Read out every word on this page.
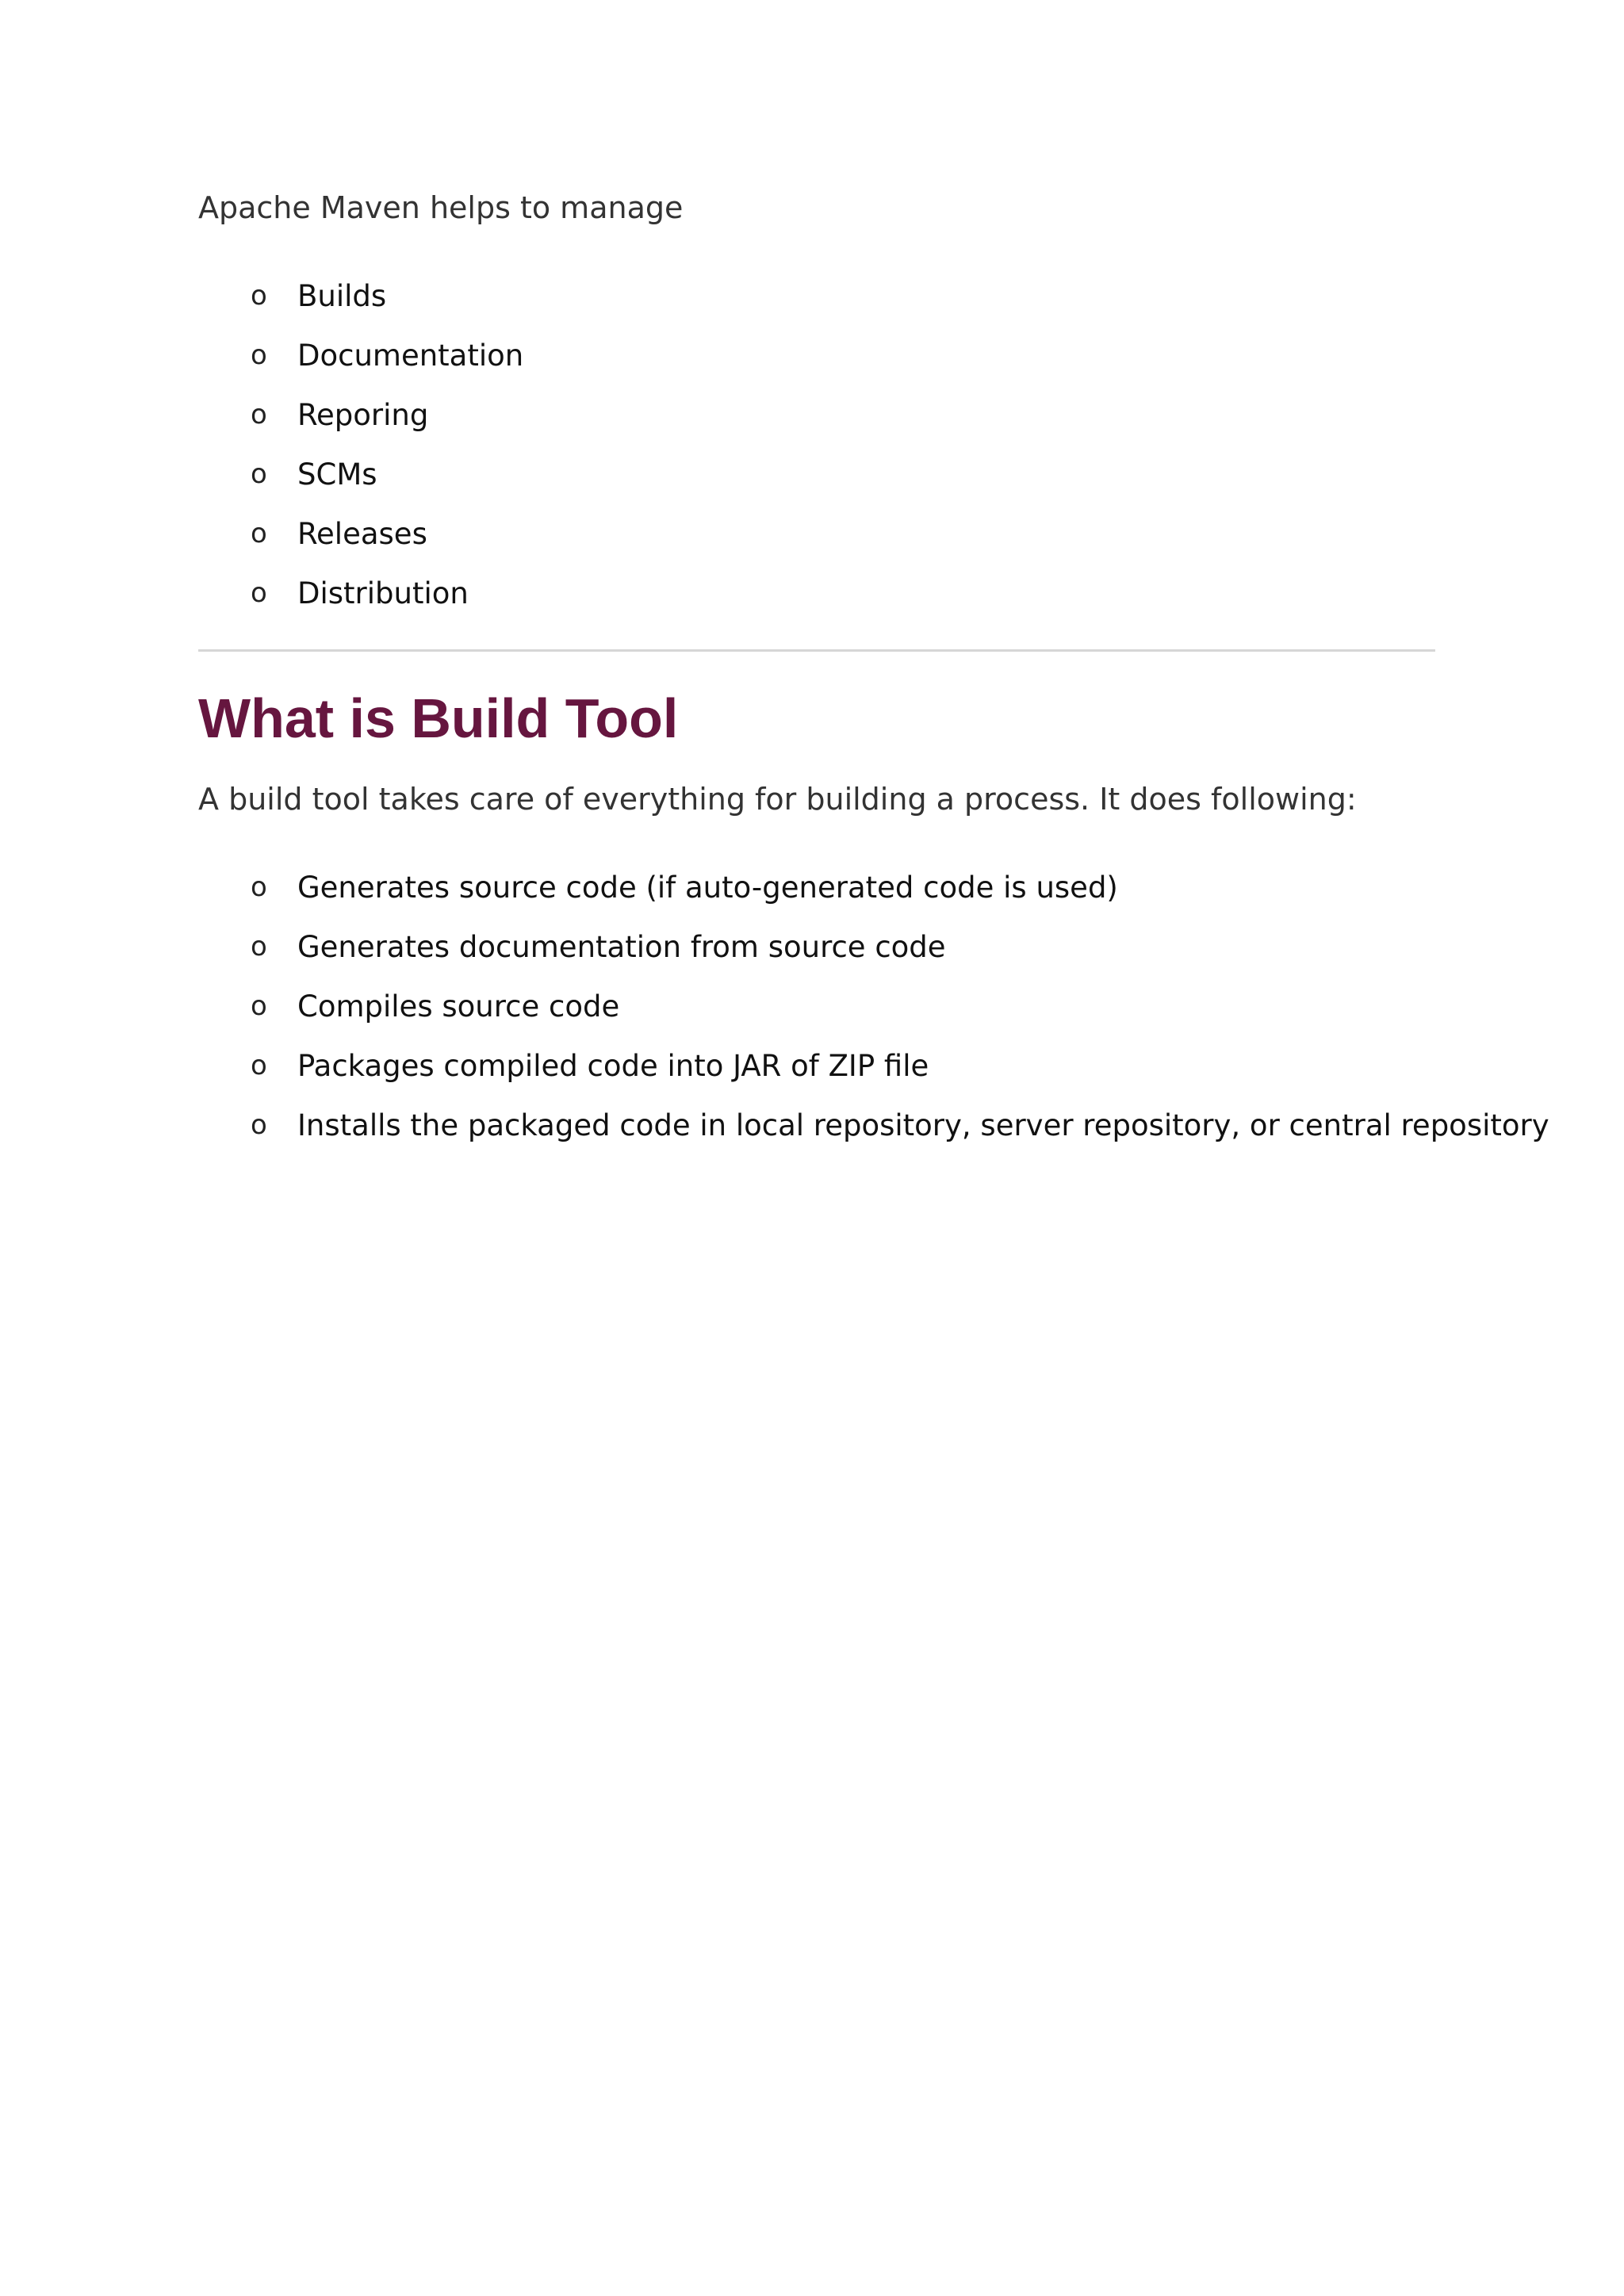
Apache Maven helps to manage

o Builds
o Documentation
o Reporing
o SCMs
o Releases
o Distribution
What is Build Tool

A build tool takes care of everything for building a process. It does following:

o Generates source code (if auto-generated code is used)
o Generates documentation from source code
o Compiles source code
o Packages compiled code into JAR of ZIP file
o Installs the packaged code in local repository, server repository, or central repository
